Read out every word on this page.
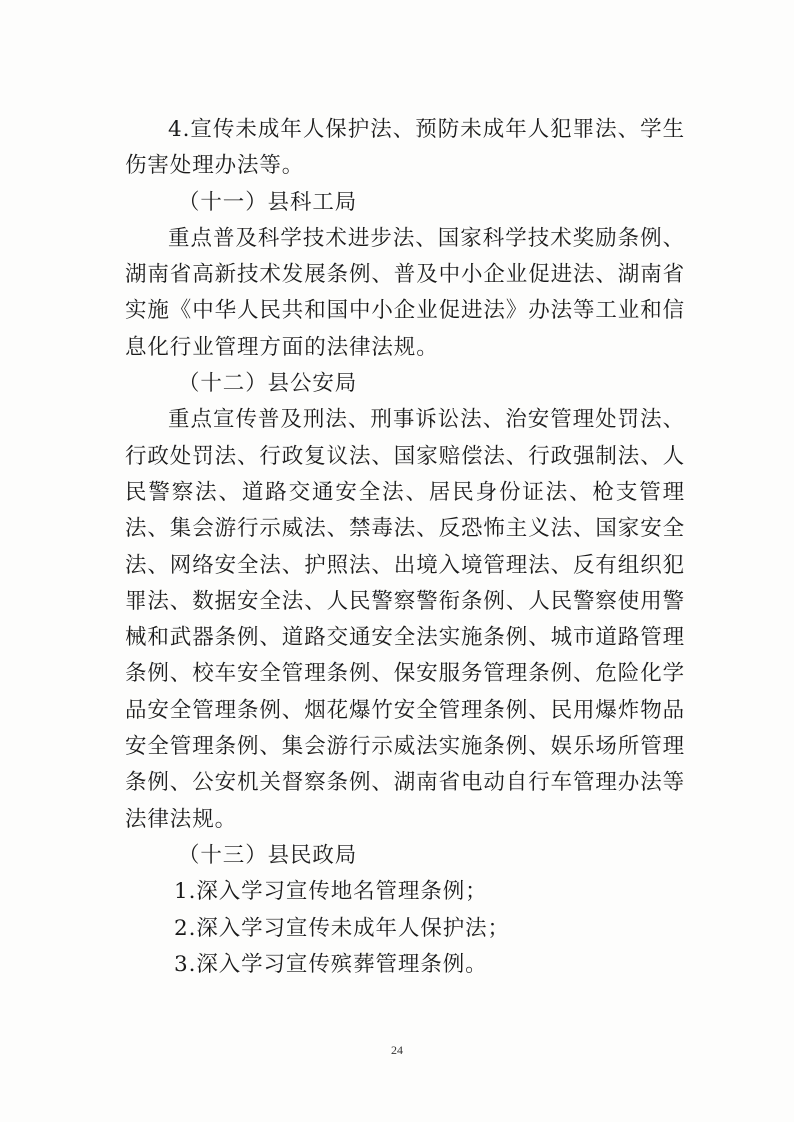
4.宣传未成年人保护法、预防未成年人犯罪法、学生伤害处理办法等。

（十一）县科工局

重点普及科学技术进步法、国家科学技术奖励条例、湖南省高新技术发展条例、普及中小企业促进法、湖南省实施《中华人民共和国中小企业促进法》办法等工业和信息化行业管理方面的法律法规。

（十二）县公安局

重点宣传普及刑法、刑事诉讼法、治安管理处罚法、行政处罚法、行政复议法、国家赔偿法、行政强制法、人民警察法、道路交通安全法、居民身份证法、枪支管理法、集会游行示威法、禁毒法、反恐怖主义法、国家安全法、网络安全法、护照法、出境入境管理法、反有组织犯罪法、数据安全法、人民警察警衔条例、人民警察使用警械和武器条例、道路交通安全法实施条例、城市道路管理条例、校车安全管理条例、保安服务管理条例、危险化学品安全管理条例、烟花爆竹安全管理条例、民用爆炸物品安全管理条例、集会游行示威法实施条例、娱乐场所管理条例、公安机关督察条例、湖南省电动自行车管理办法等法律法规。

（十三）县民政局

1.深入学习宣传地名管理条例；

2.深入学习宣传未成年人保护法；

3.深入学习宣传殡葬管理条例。

24
